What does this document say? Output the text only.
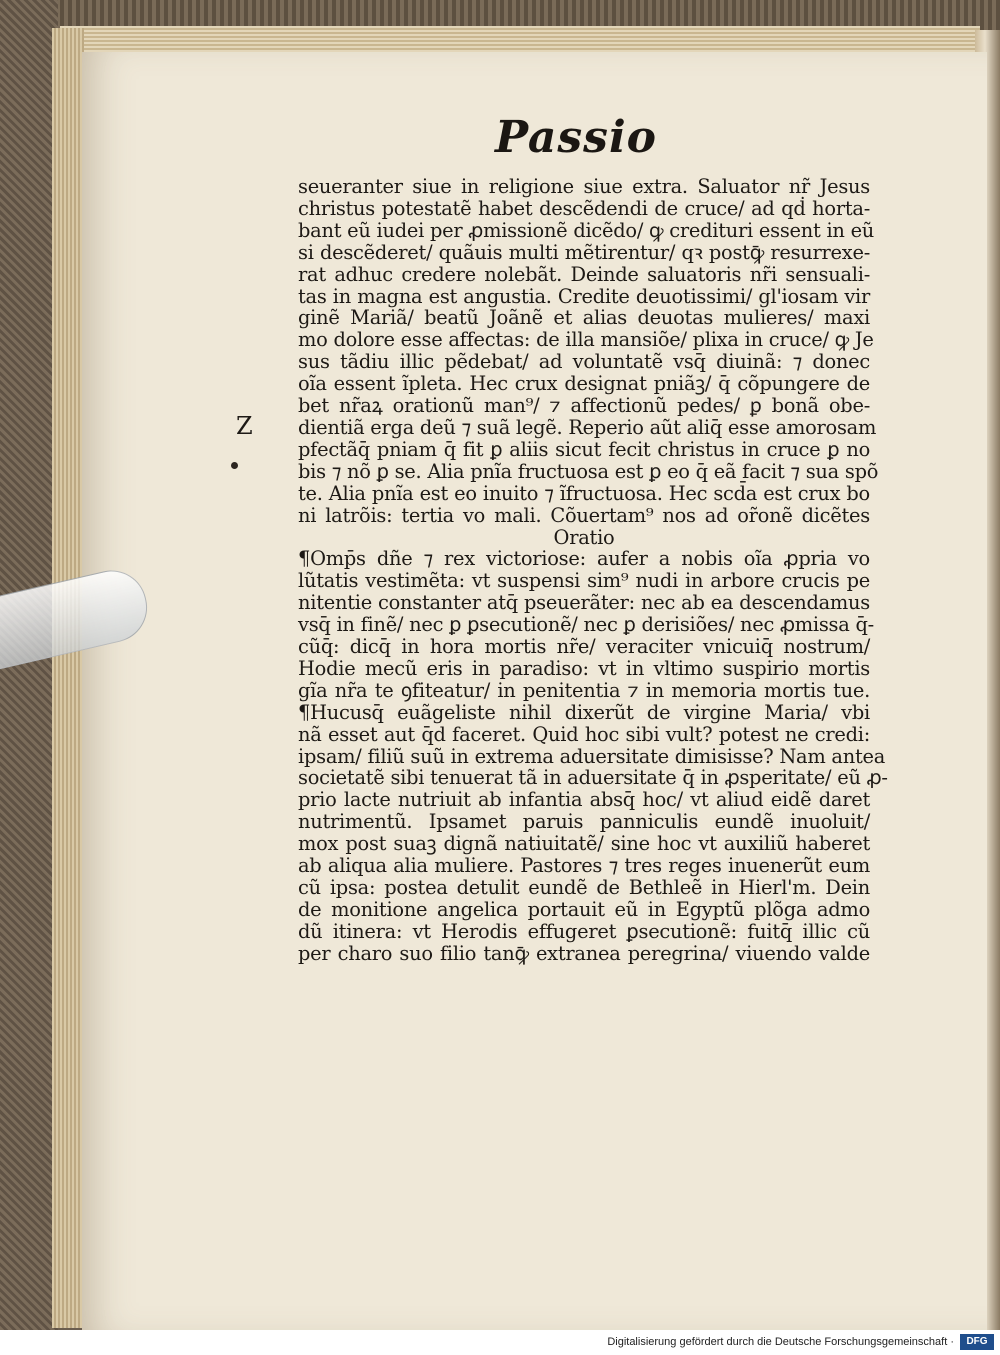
Passio
Z
seueranter siue in religione siue extra. Saluator nr̃ Jesus
christus potestatẽ habet descẽdendi de cruce/ ad qḋ horta-
bant eũ iudei per ꝓmissionẽ dicẽdo/ ꝙ credituri essent in eũ
si descẽderet/ quãuis multi mẽtirentur/ qꝛ postꝙ̄ resurrexe-
rat adhuc credere nolebãt. Deinde saluatoris nr̃i sensuali-
tas in magna est angustia. Credite deuotissimi/ gl'iosam vir
ginẽ Mariã/ beatũ Joãnẽ et alias deuotas mulieres/ maxi
mo dolore esse affectas: de illa mansiõe/ plixa in cruce/ ꝙ Je
sus tãdiu illic pẽdebat/ ad voluntatẽ vsq̄ diuinã: ⁊ donec
oĩa essent ĩpleta. Hec crux designat pniãꝫ/ q̄ cõpungere de
bet nr̃aꝝ orationũ man⁹/ ⁊ affectionũ pedes/ ꝑ bonã obe-
dientiã erga deũ ⁊ suã legẽ. Reperio aũt aliq̄ esse amorosam
pfectãq̄ pniam q̄ fit ꝑ aliis sicut fecit christus in cruce ꝑ no
bis ⁊ nõ ꝑ se. Alia pnĩa fructuosa est ꝑ eo q̄ eã facit ⁊ sua spõ
te. Alia pnĩa est eo inuito ⁊ ĩfructuosa. Hec scd̄a est crux bo
ni latrõis: tertia vo mali. Cõuertam⁹ nos ad or̃onẽ dicẽtes
Oratio
¶Omp̄s dñe ⁊ rex victoriose: aufer a nobis oĩa ꝓpria vo
lũtatis vestimẽta: vt suspensi sim⁹ nudi in arbore crucis pe
nitentie constanter atq̄ pseuerãter: nec ab ea descendamus
vsq̄ in finẽ/ nec ꝑ ꝑsecutionẽ/ nec ꝑ derisiões/ nec ꝓmissa q̄-
cũq̄: dicq̄ in hora mortis nr̃e/ veraciter vnicuiq̄ nostrum/
Hodie mecũ eris in paradiso: vt in vltimo suspirio mortis
gĩa nr̃a te ꝯfiteatur/ in penitentia ⁊ in memoria mortis tue.
¶Hucusq̄ euãgeliste nihil dixerũt de virgine Maria/ vbi
nã esset aut q̄d faceret. Quid hoc sibi vult? potest ne credi:
ipsam/ filiũ suũ in extrema aduersitate dimisisse? Nam antea
societatẽ sibi tenuerat tã in aduersitate q̄ in ꝓsperitate/ eũ ꝓ-
prio lacte nutriuit ab infantia absq̄ hoc/ vt aliud eidẽ daret
nutrimentũ. Ipsamet paruis panniculis eundẽ inuoluit/
mox post suaꝫ dignã natiuitatẽ/ sine hoc vt auxiliũ haberet
ab aliqua alia muliere. Pastores ⁊ tres reges inuenerũt eum
cũ ipsa: postea detulit eundẽ de Bethleẽ in Hierl'm. Dein
de monitione angelica portauit eũ in Egyptũ plõga admo
dũ itinera: vt Herodis effugeret ꝑsecutionẽ: fuitq̄ illic cũ
per charo suo filio tanꝙ̄ extranea peregrina/ viuendo valde
Digitalisierung gefördert durch die Deutsche Forschungsgemeinschaft ·	DFG
